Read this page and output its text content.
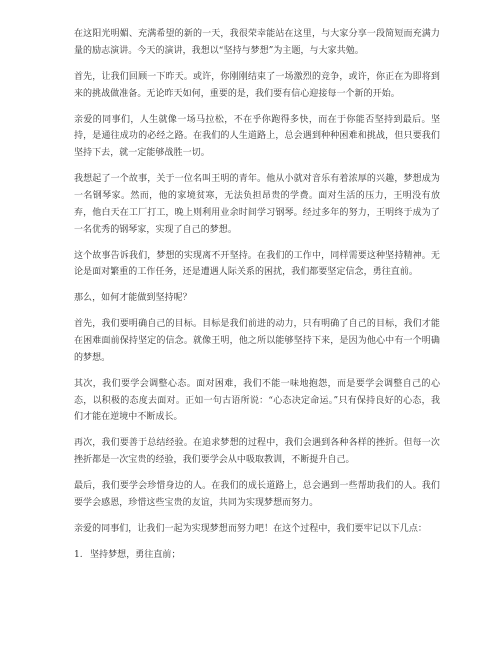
在这阳光明媚、充满希望的新的一天，我很荣幸能站在这里，与大家分享一段简短而充满力量的励志演讲。今天的演讲，我想以“坚持与梦想”为主题，与大家共勉。

首先，让我们回顾一下昨天。或许，你刚刚结束了一场激烈的竞争，或许，你正在为即将到来的挑战做准备。无论昨天如何，重要的是，我们要有信心迎接每一个新的开始。

亲爱的同事们，人生就像一场马拉松，不在乎你跑得多快，而在于你能否坚持到最后。坚持，是通往成功的必经之路。在我们的人生道路上，总会遇到种种困难和挑战，但只要我们坚持下去，就一定能够战胜一切。

我想起了一个故事，关于一位名叫王明的青年。他从小就对音乐有着浓厚的兴趣，梦想成为一名钢琴家。然而，他的家境贫寒，无法负担昂贵的学费。面对生活的压力，王明没有放弃，他白天在工厂打工，晚上则利用业余时间学习钢琴。经过多年的努力，王明终于成为了一名优秀的钢琴家，实现了自己的梦想。

这个故事告诉我们，梦想的实现离不开坚持。在我们的工作中，同样需要这种坚持精神。无论是面对繁重的工作任务，还是遭遇人际关系的困扰，我们都要坚定信念，勇往直前。

那么，如何才能做到坚持呢？

首先，我们要明确自己的目标。目标是我们前进的动力，只有明确了自己的目标，我们才能在困难面前保持坚定的信念。就像王明，他之所以能够坚持下来，是因为他心中有一个明确的梦想。

其次，我们要学会调整心态。面对困难，我们不能一味地抱怨，而是要学会调整自己的心态，以积极的态度去面对。正如一句古语所说：“心态决定命运。”只有保持良好的心态，我们才能在逆境中不断成长。

再次，我们要善于总结经验。在追求梦想的过程中，我们会遇到各种各样的挫折。但每一次挫折都是一次宝贵的经验，我们要学会从中吸取教训，不断提升自己。

最后，我们要学会珍惜身边的人。在我们的成长道路上，总会遇到一些帮助我们的人。我们要学会感恩，珍惜这些宝贵的友谊，共同为实现梦想而努力。

亲爱的同事们，让我们一起为实现梦想而努力吧！在这个过程中，我们要牢记以下几点：

1. 坚持梦想，勇往直前；
